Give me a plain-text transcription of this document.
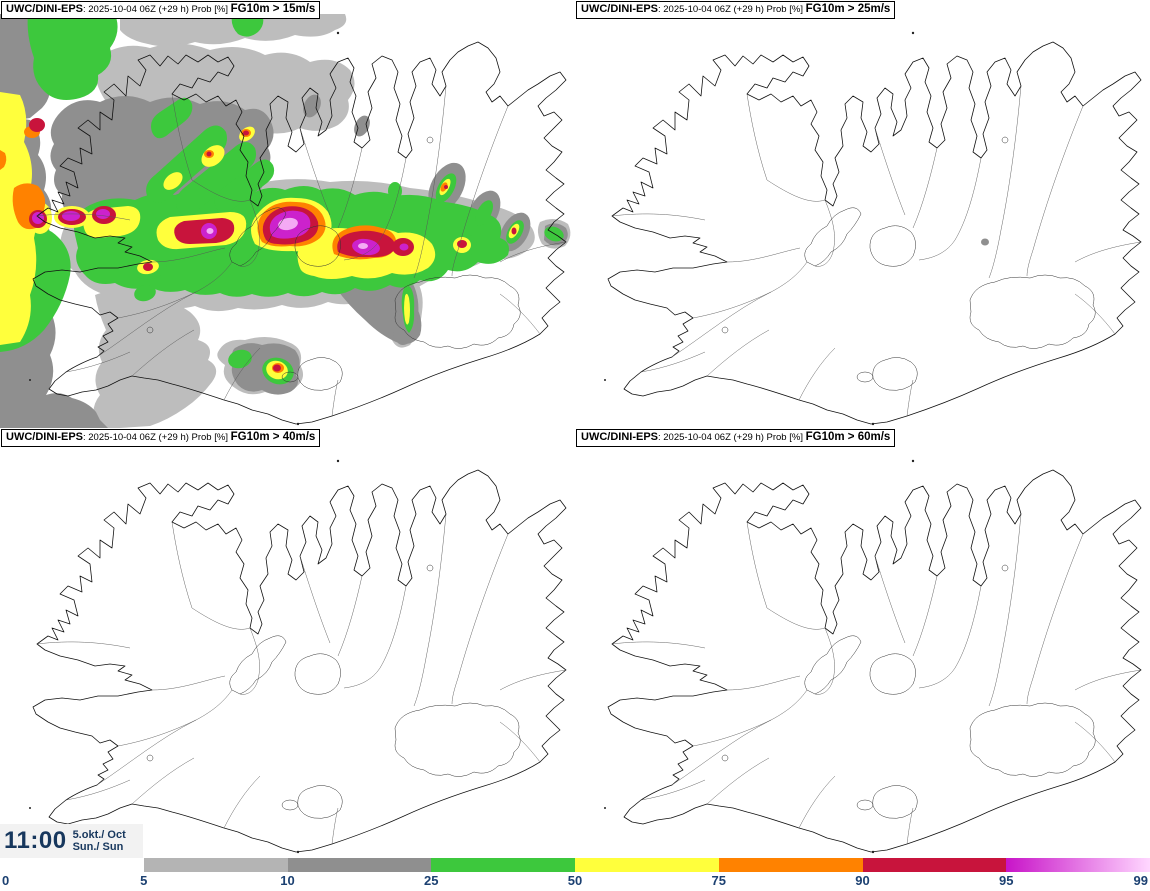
UWC/DINI-EPS: 2025-10-04 06Z (+29 h) Prob [%] FG10m > 15m/s	UWC/DINI-EPS: 2025-10-04 06Z (+29 h) Prob [%] FG10m > 25m/s
UWC/DINI-EPS: 2025-10-04 06Z (+29 h) Prob [%] FG10m > 40m/s	UWC/DINI-EPS: 2025-10-04 06Z (+29 h) Prob [%] FG10m > 60m/s
11:00 5.okt./ Oct
Sun./ Sun
0	5	10	25	50	75	90	95	99
